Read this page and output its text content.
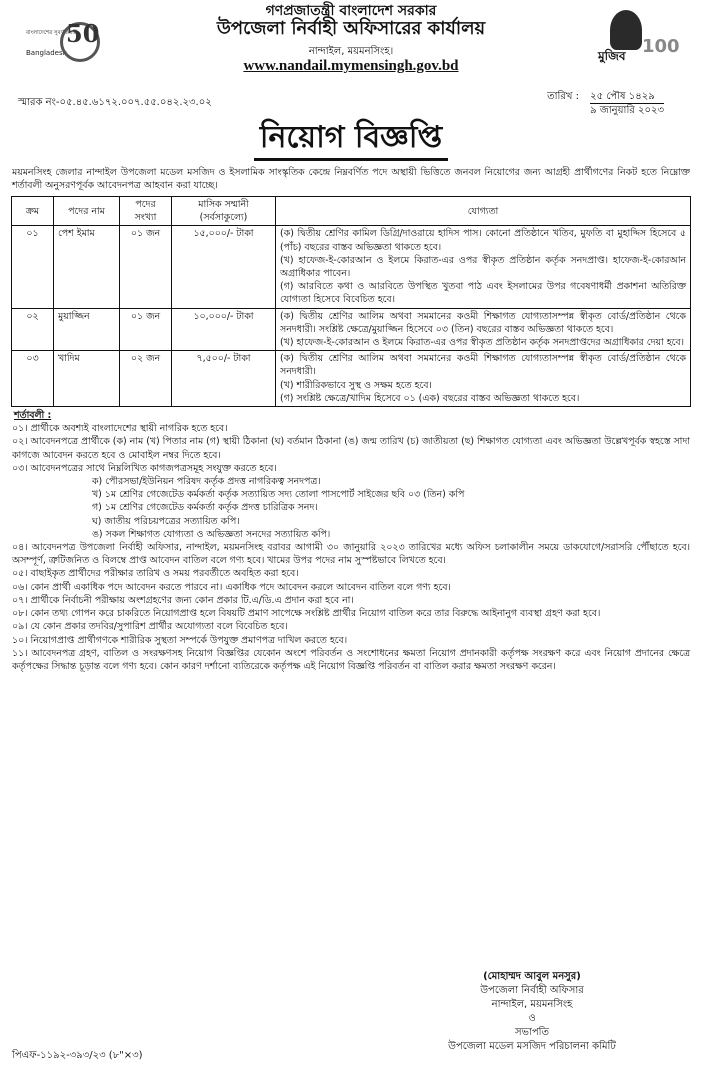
বাংলাদেশের সুবর্ণজয়ন্তী
Bangladesh
50
গণপ্রজাতন্ত্রী বাংলাদেশ সরকার
উপজেলা নির্বাহী অফিসারের কার্যালয়
নান্দাইল, ময়মনসিংহ।
www.nandail.mymensingh.gov.bd
মুজিব 100
স্মারক নং-০৫.৪৫.৬১৭২.০০৭.৫৫.০৪২.২৩.০২
তারিখ : ২৫ পৌষ ১৪২৯
৯ জানুয়ারি ২০২৩
নিয়োগ বিজ্ঞপ্তি
ময়মনসিংহ জেলার নান্দাইল উপজেলা মডেল মসজিদ ও ইসলামিক সাংস্কৃতিক কেন্দ্রে নিম্নবর্ণিত পদে অস্থায়ী ভিত্তিতে জনবল নিয়োগের জন্য আগ্রহী প্রার্থীগণের নিকট হতে নিম্নোক্ত শর্তাবলী অনুসরণপূর্বক আবেদনপত্র আহবান করা যাচ্ছে।
ক্রম	পদের নাম	পদের সংখ্যা	মাসিক সম্মানী (সর্বসাকুল্যে)	যোগ্যতা
০১	পেশ ইমাম	০১ জন	১৫,০০০/- টাকা	(ক) দ্বিতীয় শ্রেণির কামিল ডিগ্রি/দাওরায়ে হাদিস পাস। কোনো প্রতিষ্ঠানে খতিব, মুফতি বা মুহাদ্দিস হিসেবে ৫ (পাঁচ) বছরের বাস্তব অভিজ্ঞতা থাকতে হবে।
(খ) হাফেজ-ই-কোরআন ও ইলমে কিরাত-এর ওপর স্বীকৃত প্রতিষ্ঠান কর্তৃক সনদপ্রাপ্ত। হাফেজ-ই-কোরআন অগ্রাধিকার পাবেন।
(গ) আরবিতে কথা ও আরবিতে উপস্থিত খুতবা পাঠ এবং ইসলামের উপর গবেষণাধর্মী প্রকাশনা অতিরিক্ত যোগ্যতা হিসেবে বিবেচিত হবে।

০২	মুয়াজ্জিন	০১ জন	১০,০০০/- টাকা	(ক) দ্বিতীয় শ্রেণির আলিম অথবা সমমানের কওমী শিক্ষাগত যোগ্যতাসম্পন্ন স্বীকৃত বোর্ড/প্রতিষ্ঠান থেকে সনদধারী। সংশ্লিষ্ট ক্ষেত্রে/মুয়াজ্জিন হিসেবে ০৩ (তিন) বছরের বাস্তব অভিজ্ঞতা থাকতে হবে।
(খ) হাফেজ-ই-কোরআন ও ইলমে কিরাত-এর ওপর স্বীকৃত প্রতিষ্ঠান কর্তৃক সনদপ্রাপ্তদের অগ্রাধিকার দেয়া হবে।

০৩	খাদিম	০২ জন	৭,৫০০/- টাকা	(ক) দ্বিতীয় শ্রেণির আলিম অথবা সমমানের কওমী শিক্ষাগত যোগ্যতাসম্পন্ন স্বীকৃত বোর্ড/প্রতিষ্ঠান থেকে সনদধারী।
(খ) শারীরিকভাবে সুস্থ ও সক্ষম হতে হবে।
(গ) সংশ্লিষ্ট ক্ষেত্রে/খাদিম হিসেবে ০১ (এক) বছরের বাস্তব অভিজ্ঞতা থাকতে হবে।
শর্তাবলী :
০১। প্রার্থীকে অবশ্যই বাংলাদেশের স্থায়ী নাগরিক হতে হবে।
০২। আবেদনপত্রে প্রার্থীকে (ক) নাম (খ) পিতার নাম (গ) স্থায়ী ঠিকানা (ঘ) বর্তমান ঠিকানা (ঙ) জন্ম তারিখ (চ) জাতীয়তা (ছ) শিক্ষাগত যোগ্যতা এবং অভিজ্ঞতা উল্লেখপূর্বক স্বহস্তে সাদা কাগজে আবেদন করতে হবে ও মোবাইল নম্বর দিতে হবে।
০৩। আবেদনপত্রের সাথে নিম্নলিখিত কাগজপত্রসমূহ সংযুক্ত করতে হবে।
ক) পৌরসভা/ইউনিয়ন পরিষদ কর্তৃক প্রদত্ত নাগরিকত্ব সনদপত্র।
খ) ১ম শ্রেণির গেজেটেড কর্মকর্তা কর্তৃক সত্যায়িত সদ্য তোলা পাসপোর্ট সাইজের ছবি ০৩ (তিন) কপি
গ) ১ম শ্রেণির গেজেটেড কর্মকর্তা কর্তৃক প্রদত্ত চারিত্রিক সনদ।
ঘ) জাতীয় পরিচয়পত্রের সত্যায়িত কপি।
ঙ) সকল শিক্ষাগত যোগ্যতা ও অভিজ্ঞতা সনদের সত্যায়িত কপি।
০৪। আবেদনপত্র উপজেলা নির্বাহী অফিসার, নান্দাইল, ময়মনসিংহ বরাবর আগামী ৩০ জানুয়ারি ২০২৩ তারিখের মধ্যে অফিস চলাকালীন সময়ে ডাকযোগে/সরাসরি পৌঁছাতে হবে। অসম্পূর্ণ, ত্রুটিজনিত ও বিলম্বে প্রাপ্ত আবেদন বাতিল বলে গণ্য হবে। খামের উপর পদের নাম সুস্পষ্টভাবে লিখতে হবে।
০৫। বাছাইকৃত প্রার্থীদের পরীক্ষার তারিখ ও সময় পরবর্তীতে অবহিত করা হবে।
০৬। কোন প্রার্থী একাধিক পদে আবেদন করতে পারবে না। একাধিক পদে আবেদন করলে আবেদন বাতিল বলে গণ্য হবে।
০৭। প্রার্থীকে নির্বাচনী পরীক্ষায় অংশগ্রহণের জন্য কোন প্রকার টি.এ/ডি.এ প্রদান করা হবে না।
০৮। কোন তথ্য গোপন করে চাকরিতে নিয়োগপ্রাপ্ত হলে বিষয়টি প্রমাণ সাপেক্ষে সংশ্লিষ্ট প্রার্থীর নিয়োগ বাতিল করে তার বিরুদ্ধে আইনানুগ ব্যবস্থা গ্রহণ করা হবে।
০৯। যে কোন প্রকার তদবির/সুপারিশ প্রার্থীর অযোগ্যতা বলে বিবেচিত হবে।
১০। নিয়োগপ্রাপ্ত প্রার্থীগণকে শারীরিক সুস্থতা সম্পর্কে উপযুক্ত প্রমাণপত্র দাখিল করতে হবে।
১১। আবেদনপত্র গ্রহণ, বাতিল ও সংরক্ষণসহ নিয়োগ বিজ্ঞপ্তির যেকোন অংশে পরিবর্তন ও সংশোধনের ক্ষমতা নিয়োগ প্রদানকারী কর্তৃপক্ষ সংরক্ষণ করে এবং নিয়োগ প্রদানের ক্ষেত্রে কর্তৃপক্ষের সিদ্ধান্ত চূড়ান্ত বলে গণ্য হবে। কোন কারণ দর্শানো ব্যতিরেকে কর্তৃপক্ষ এই নিয়োগ বিজ্ঞপ্তি পরিবর্তন বা বাতিল করার ক্ষমতা সংরক্ষণ করেন।
(মোহাম্মদ আবুল মনসুর)
উপজেলা নির্বাহী অফিসার
নান্দাইল, ময়মনসিংহ
ও
সভাপতি
উপজেলা মডেল মসজিদ পরিচালনা কমিটি
পিএফ-১১৯২-৩৯৩/২৩ (৮"×৩)
